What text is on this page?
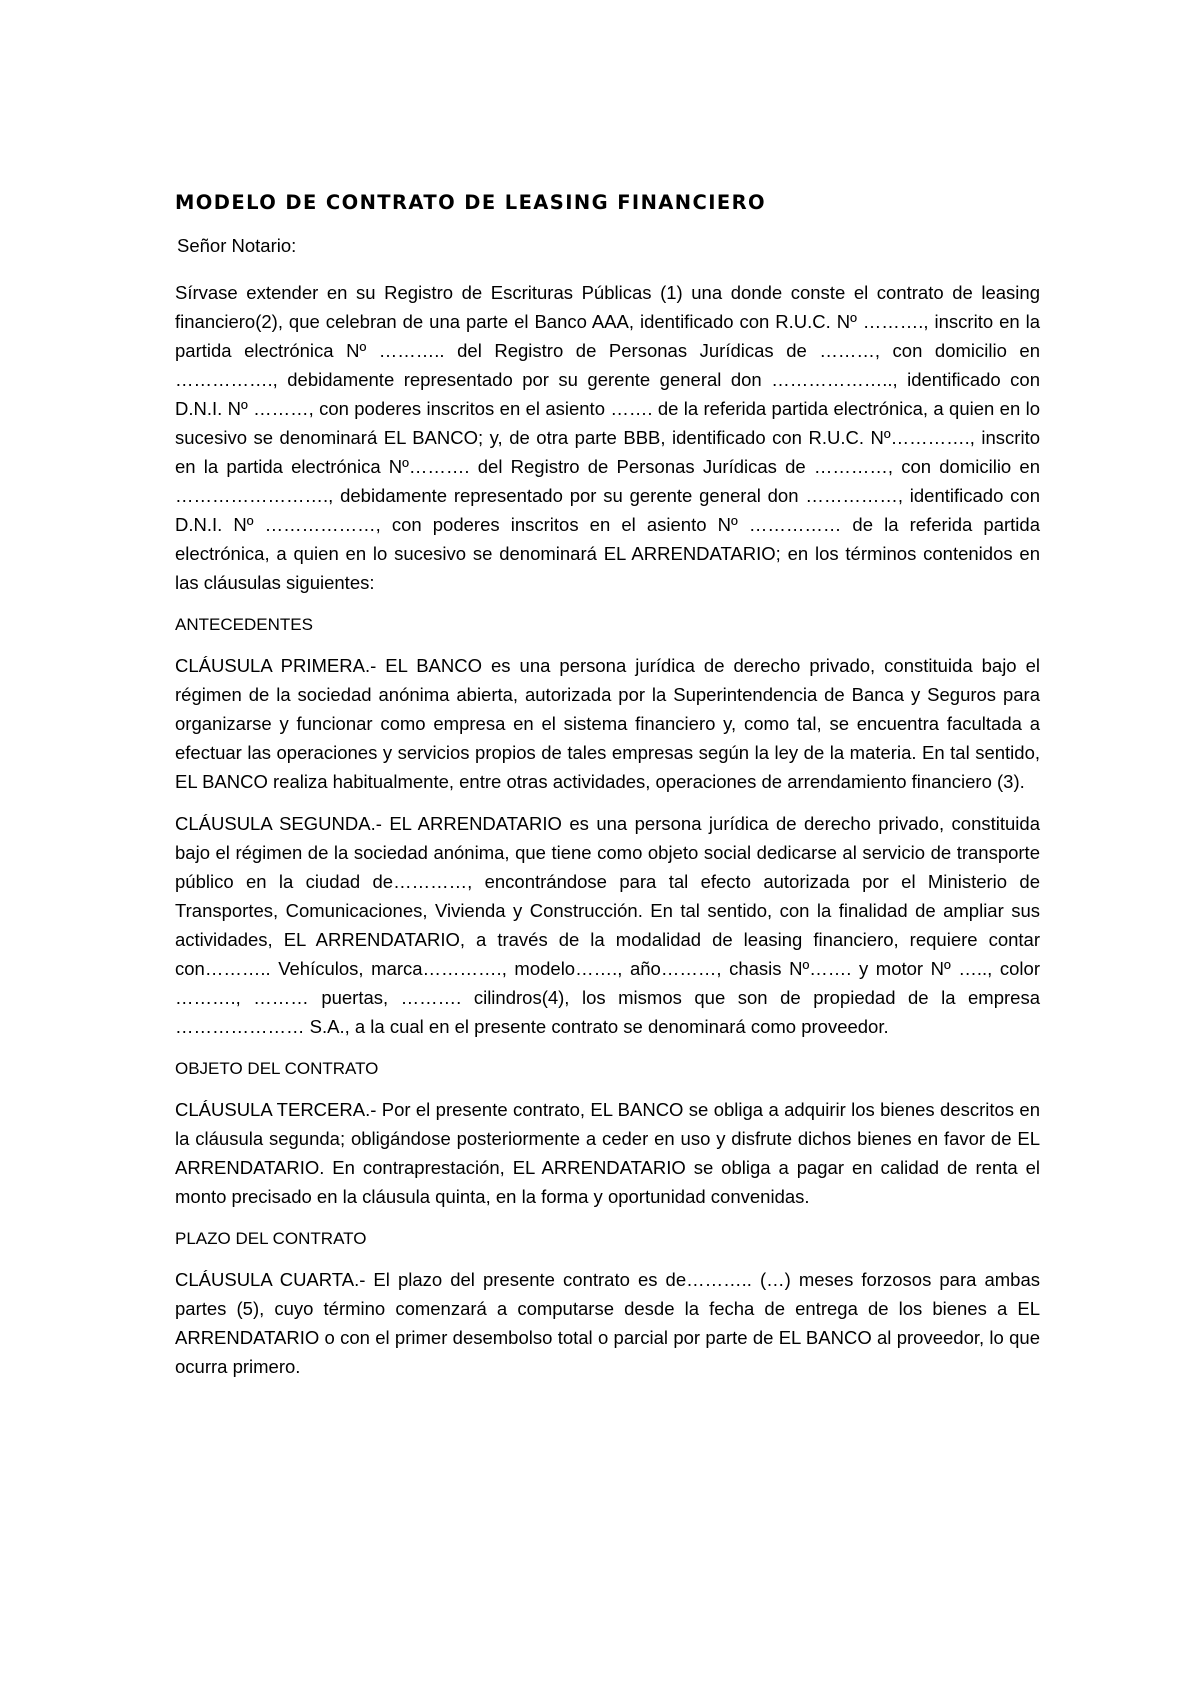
MODELO DE CONTRATO DE LEASING FINANCIERO

Señor Notario:

Sírvase extender en su Registro de Escrituras Públicas (1) una donde conste el contrato de leasing financiero(2), que celebran de una parte el Banco AAA, identificado con R.U.C. Nº ………., inscrito en la partida electrónica Nº ……….. del Registro de Personas Jurídicas de ………, con domicilio en ……………., debidamente representado por su gerente general don ……………….., identificado con D.N.I. Nº ………, con poderes inscritos en el asiento ……. de la referida partida electrónica, a quien en lo sucesivo se denominará EL BANCO; y, de otra parte BBB, identificado con R.U.C. Nº…………., inscrito en la partida electrónica Nº………. del Registro de Personas Jurídicas de …………, con domicilio en ……………………., debidamente representado por su gerente general don ……………, identificado con D.N.I. Nº ………………, con poderes inscritos en el asiento Nº …………… de la referida partida electrónica, a quien en lo sucesivo se denominará EL ARRENDATARIO; en los términos contenidos en las cláusulas siguientes:

ANTECEDENTES

CLÁUSULA PRIMERA.- EL BANCO es una persona jurídica de derecho privado, constituida bajo el régimen de la sociedad anónima abierta, autorizada por la Superintendencia de Banca y Seguros para organizarse y funcionar como empresa en el sistema financiero y, como tal, se encuentra facultada a efectuar las operaciones y servicios propios de tales empresas según la ley de la materia. En tal sentido, EL BANCO realiza habitualmente, entre otras actividades, operaciones de arrendamiento financiero (3).

CLÁUSULA SEGUNDA.- EL ARRENDATARIO es una persona jurídica de derecho privado, constituida bajo el régimen de la sociedad anónima, que tiene como objeto social dedicarse al servicio de transporte público en la ciudad de…………, encontrándose para tal efecto autorizada por el Ministerio de Transportes, Comunicaciones, Vivienda y Construcción. En tal sentido, con la finalidad de ampliar sus actividades, EL ARRENDATARIO, a través de la modalidad de leasing financiero, requiere contar con……….. Vehículos, marca…………., modelo……., año………, chasis Nº……. y motor Nº ….., color ………., ……… puertas, ………. cilindros(4), los mismos que son de propiedad de la empresa ………………… S.A., a la cual en el presente contrato se denominará como proveedor.

OBJETO DEL CONTRATO

CLÁUSULA TERCERA.- Por el presente contrato, EL BANCO se obliga a adquirir los bienes descritos en la cláusula segunda; obligándose posteriormente a ceder en uso y disfrute dichos bienes en favor de EL ARRENDATARIO. En contraprestación, EL ARRENDATARIO se obliga a pagar en calidad de renta el monto precisado en la cláusula quinta, en la forma y oportunidad convenidas.

PLAZO DEL CONTRATO

CLÁUSULA CUARTA.- El plazo del presente contrato es de……….. (…) meses forzosos para ambas partes (5), cuyo término comenzará a computarse desde la fecha de entrega de los bienes a EL ARRENDATARIO o con el primer desembolso total o parcial por parte de EL BANCO al proveedor, lo que ocurra primero.
